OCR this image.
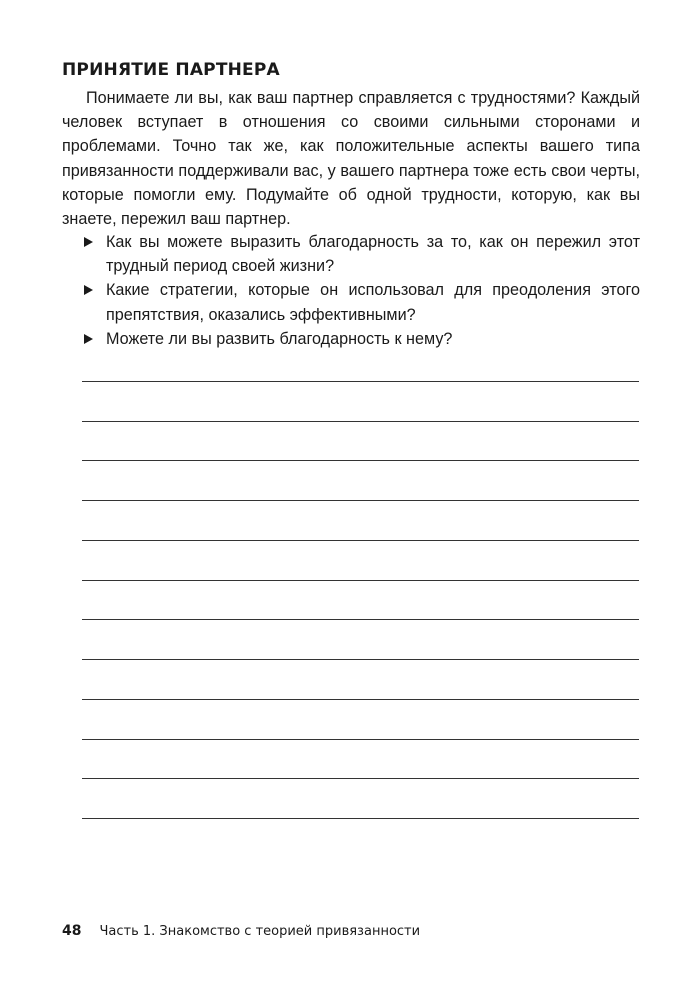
ПРИНЯТИЕ ПАРТНЕРА

Понимаете ли вы, как ваш партнер справляется с трудностями? Каждый человек вступает в отношения со своими сильными сторонами и проблемами. Точно так же, как положительные аспекты вашего типа привязанности поддерживали вас, у вашего партнера тоже есть свои черты, которые помогли ему. Подумайте об одной трудности, которую, как вы знаете, пережил ваш партнер.

Как вы можете выразить благодарность за то, как он пережил этот трудный период своей жизни?
Какие стратегии, которые он использовал для преодоления этого препятствия, оказались эффективными?
Можете ли вы развить благодарность к нему?
48 Часть 1. Знакомство с теорией привязанности
